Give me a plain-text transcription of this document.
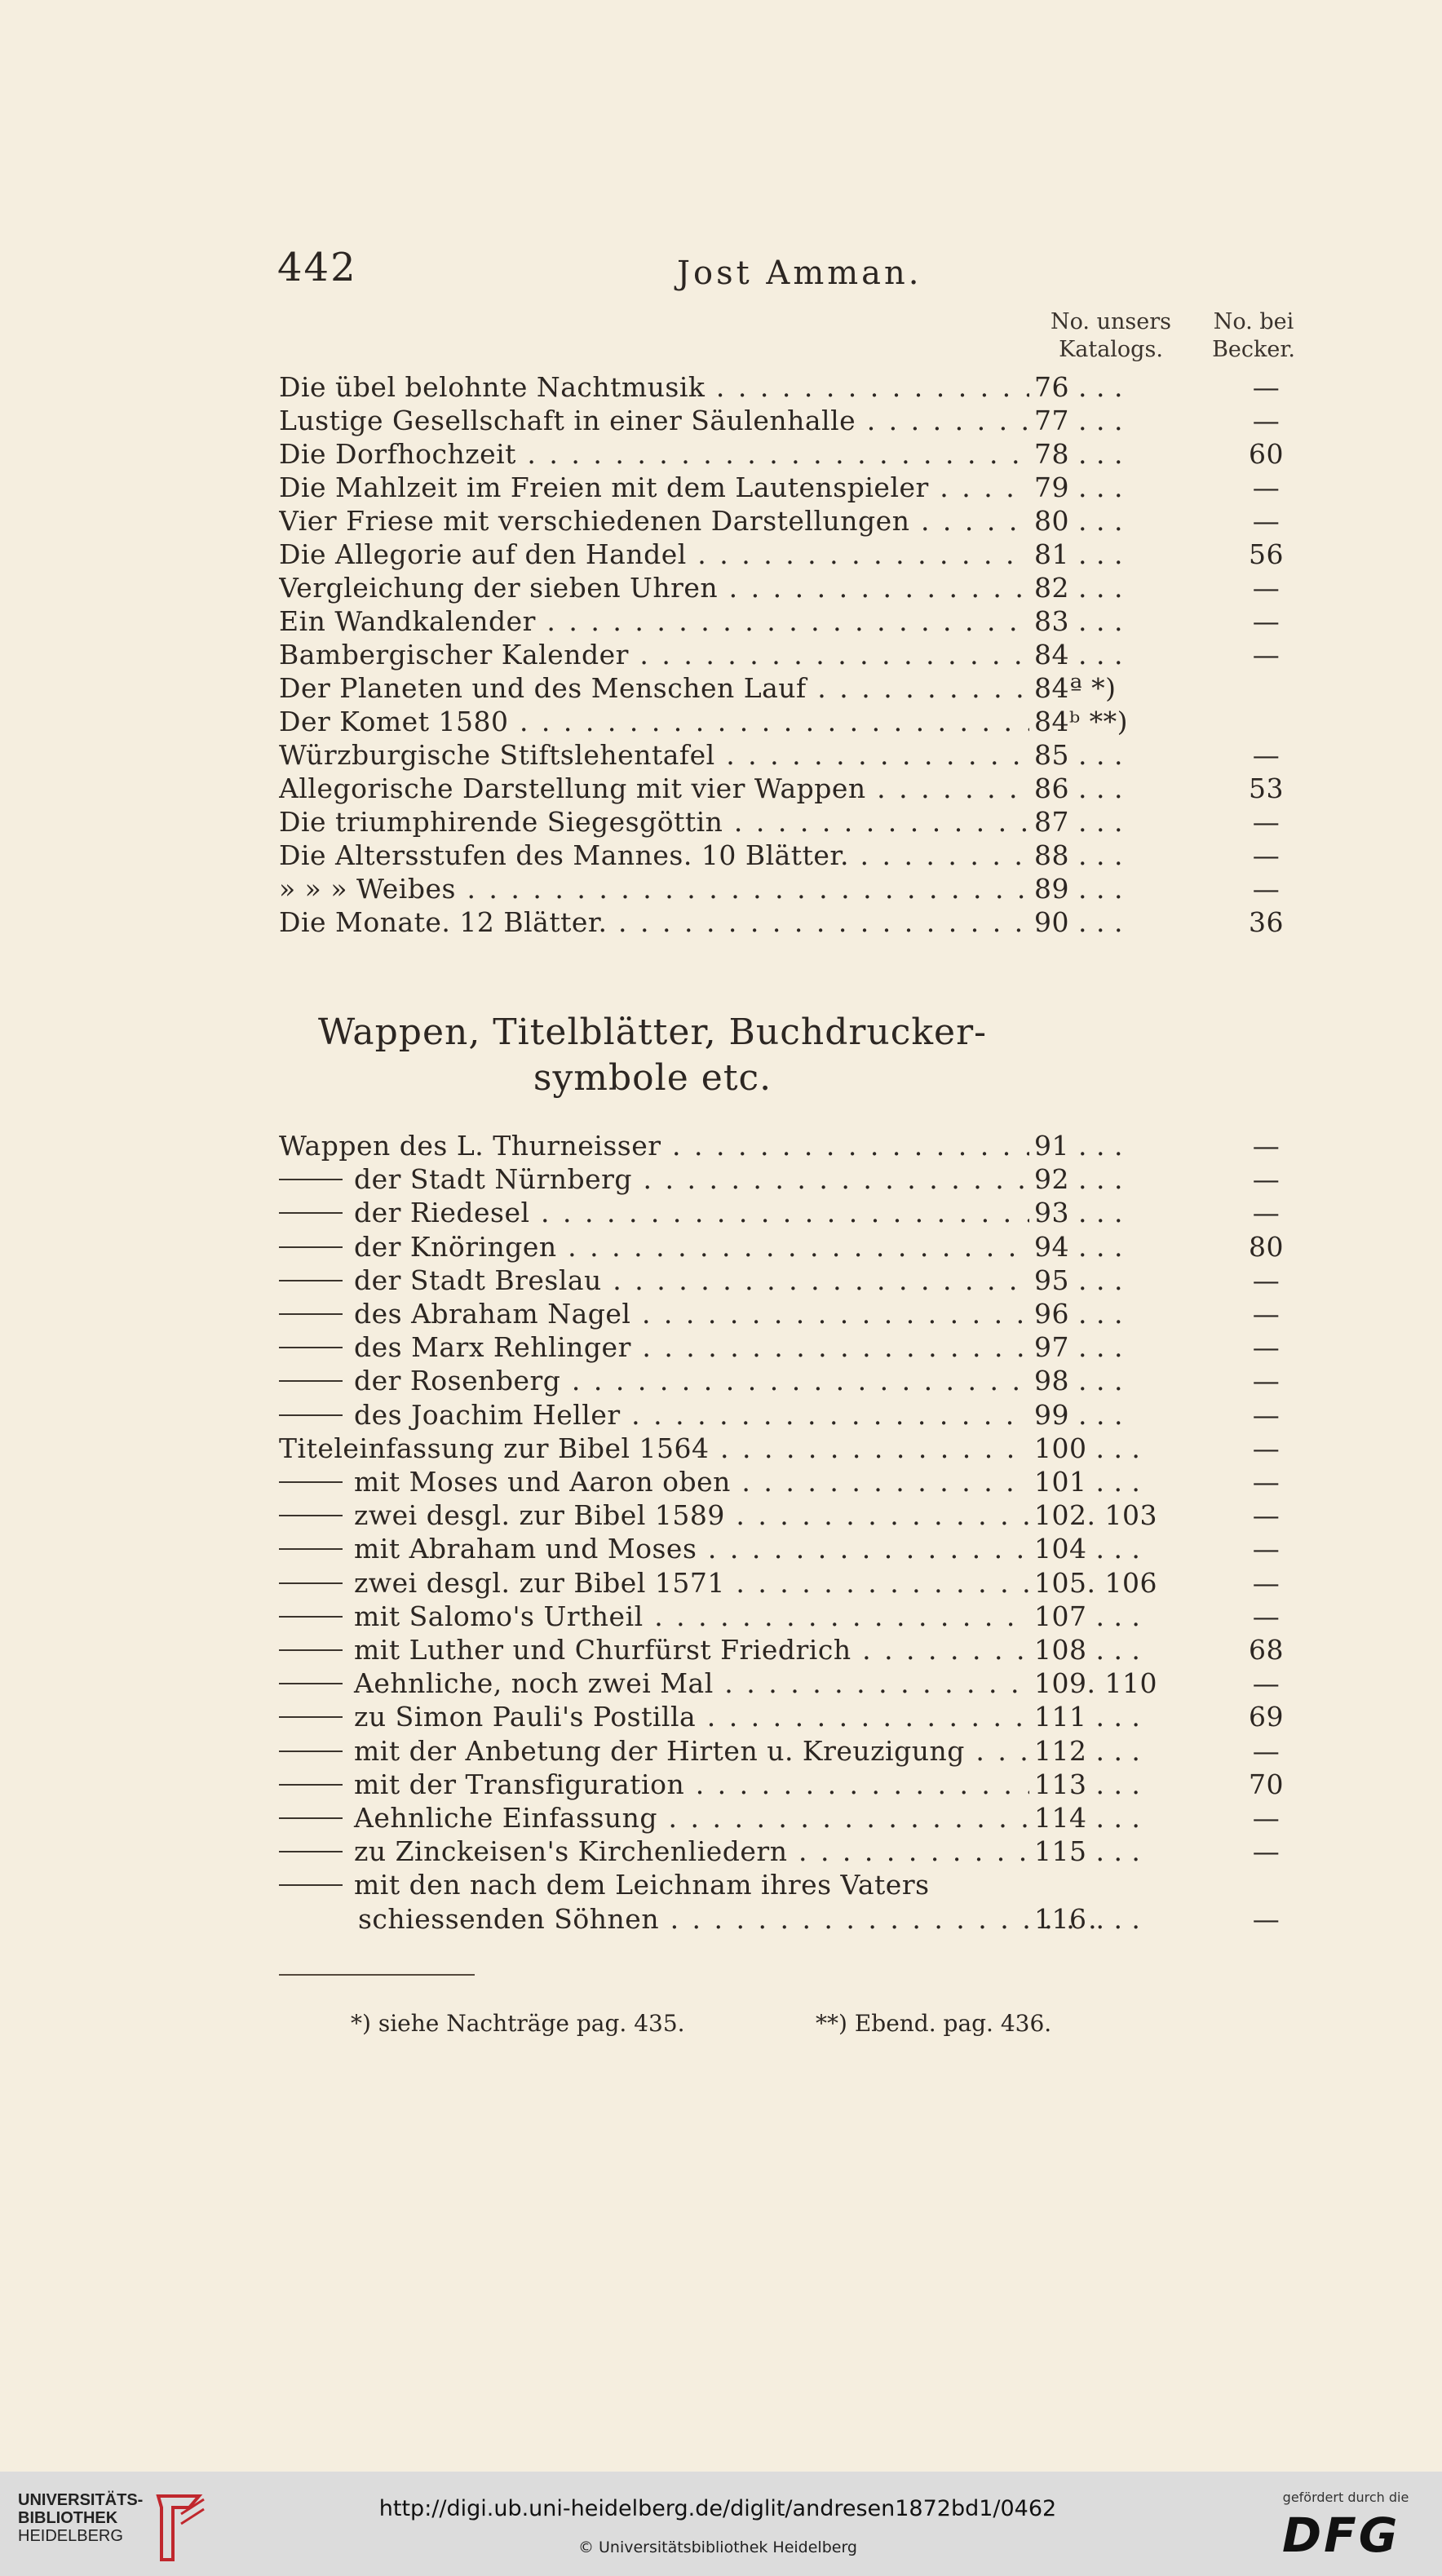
442	Jost Amman.
No. unsers
Katalogs.
No. bei
Becker.
Die übel belohnte Nachtmusik . . .	76 . . .	—
Lustige Gesellschaft in einer Säulenhalle . . .	77 . . .	—
Die Dorfhochzeit . . .	78 . . .	60
Die Mahlzeit im Freien mit dem Lautenspieler . . .	79 . . .	—
Vier Friese mit verschiedenen Darstellungen . . .	80 . . .	—
Die Allegorie auf den Handel . . .	81 . . .	56
Vergleichung der sieben Uhren . . .	82 . . .	—
Ein Wandkalender . . .	83 . . .	—
Bambergischer Kalender . . .	84 . . .	—
Der Planeten und des Menschen Lauf . . .	84ª *)
Der Komet 1580 . . .	84ᵇ **)
Würzburgische Stiftslehentafel . . .	85 . . .	—
Allegorische Darstellung mit vier Wappen . . .	86 . . .	53
Die triumphirende Siegesgöttin . . .	87 . . .	—
Die Altersstufen des Mannes. 10 Blätter. . . .	88 . . .	—
» » » Weibes . . .	89 . . .	—
Die Monate. 12 Blätter. . . .	90 . . .	36
Wappen, Titelblätter, Buchdrucker-
symbole etc.
Wappen des L. Thurneisser . . .	91 . . .	—
der Stadt Nürnberg . . .	92 . . .	—
der Riedesel . . .	93 . . .	—
der Knöringen . . .	94 . . .	80
der Stadt Breslau . . .	95 . . .	—
des Abraham Nagel . . .	96 . . .	—
des Marx Rehlinger . . .	97 . . .	—
der Rosenberg . . .	98 . . .	—
des Joachim Heller . . .	99 . . .	—
Titeleinfassung zur Bibel 1564 . . .	100 . . .	—
mit Moses und Aaron oben . . .	101 . . .	—
zwei desgl. zur Bibel 1589 . . .	102. 103	—
mit Abraham und Moses . . .	104 . . .	—
zwei desgl. zur Bibel 1571 . . .	105. 106	—
mit Salomo's Urtheil . . .	107 . . .	—
mit Luther und Churfürst Friedrich . . .	108 . . .	68
Aehnliche, noch zwei Mal . . .	109. 110	—
zu Simon Pauli's Postilla . . .	111 . . .	69
mit der Anbetung der Hirten u. Kreuzigung . . .	112 . . .	—
mit der Transfiguration . . .	113 . . .	70
Aehnliche Einfassung . . .	114 . . .	—
zu Zinckeisen's Kirchenliedern . . .	115 . . .	—
mit den nach dem Leichnam ihres Vaters
schiessenden Söhnen . . .	116 . . .	—
*) siehe Nachträge pag. 435.	**) Ebend. pag. 436.
UNIVERSITÄTS-
BIBLIOTHEK
HEIDELBERG
http://digi.ub.uni-heidelberg.de/diglit/andresen1872bd1/0462
© Universitätsbibliothek Heidelberg
gefördert durch die
DFG
